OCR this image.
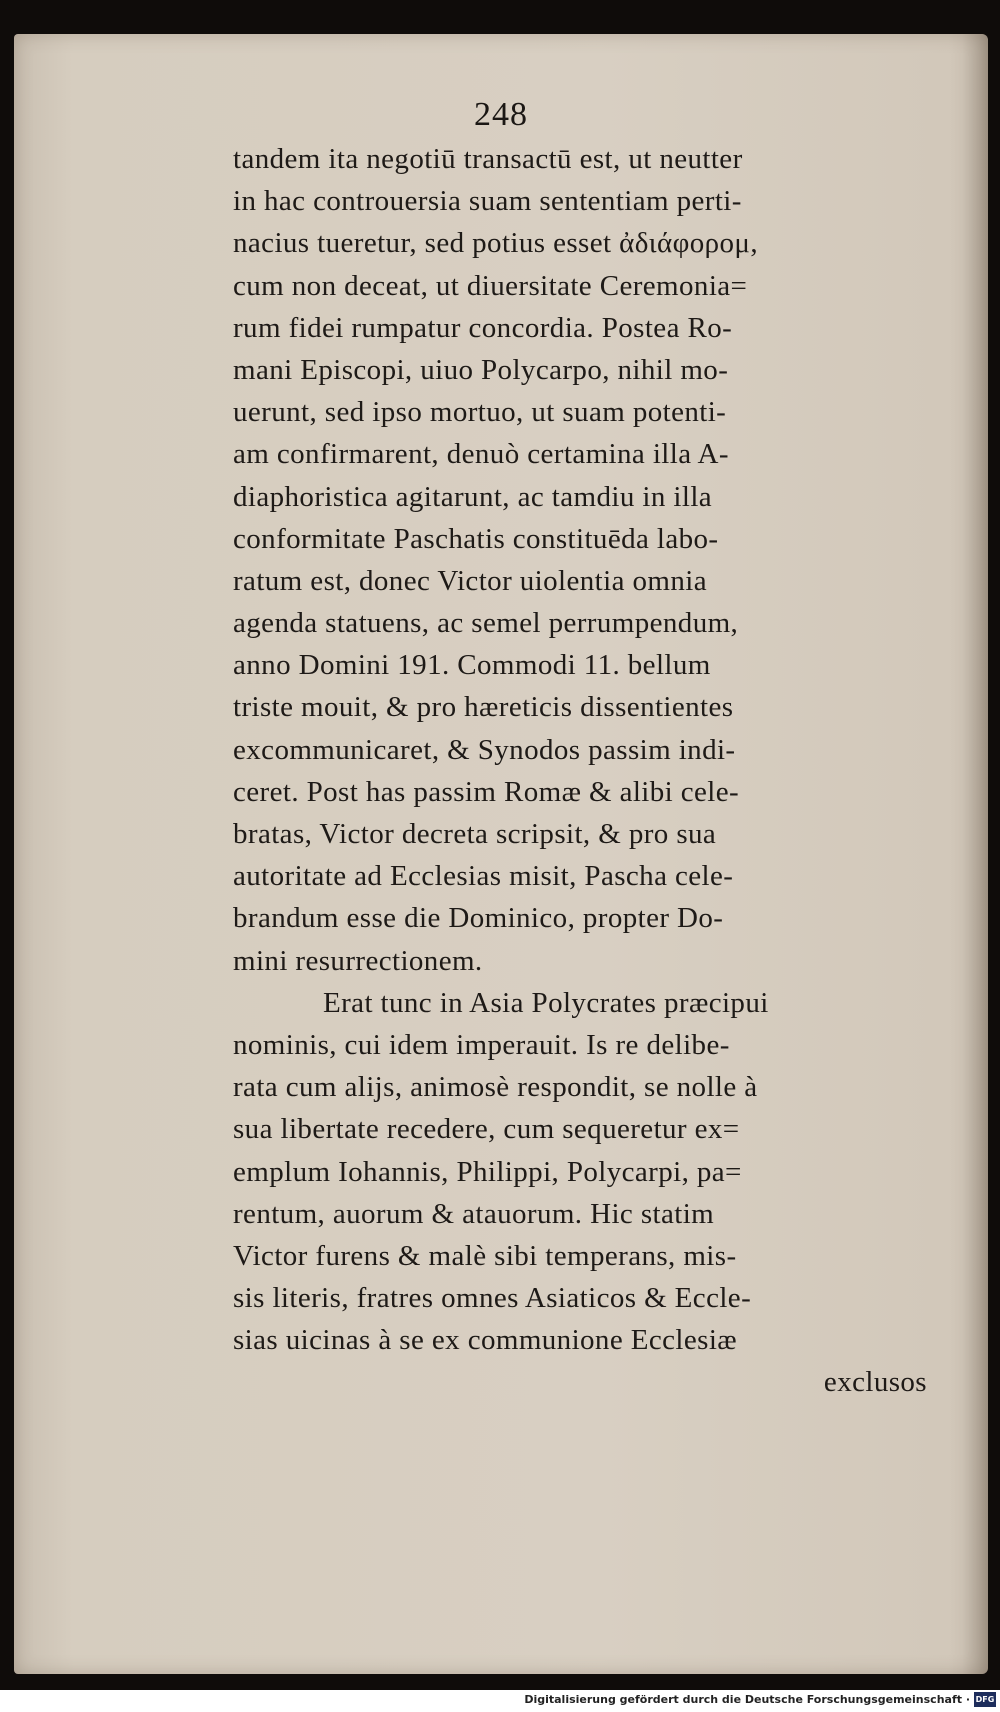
248
tandem ita negotiū transactū est, ut neutter
in hac controuersia suam sententiam perti-
nacius tueretur, sed potius esset ἀδιάφορομ,
cum non deceat, ut diuersitate Ceremonia=
rum fidei rumpatur concordia. Postea Ro-
mani Episcopi, uiuo Polycarpo, nihil mo-
uerunt, sed ipso mortuo, ut suam potenti-
am confirmarent, denuò certamina illa A-
diaphoristica agitarunt, ac tamdiu in illa
conformitate Paschatis constituēda labo-
ratum est, donec Victor uiolentia omnia
agenda statuens, ac semel perrumpendum,
anno Domini 191. Commodi 11. bellum
triste mouit, & pro hæreticis dissentientes
excommunicaret, & Synodos passim indi-
ceret. Post has passim Romæ & alibi cele-
bratas, Victor decreta scripsit, & pro sua
autoritate ad Ecclesias misit, Pascha cele-
brandum esse die Dominico, propter Do-
mini resurrectionem.
Erat tunc in Asia Polycrates præcipui
nominis, cui idem imperauit. Is re delibe-
rata cum alijs, animosè respondit, se nolle à
sua libertate recedere, cum sequeretur ex=
emplum Iohannis, Philippi, Polycarpi, pa=
rentum, auorum & atauorum. Hic statim
Victor furens & malè sibi temperans, mis-
sis literis, fratres omnes Asiaticos & Eccle-
sias uicinas à se ex communione Ecclesiæ
exclusos
Digitalisierung gefördert durch die Deutsche Forschungsgemeinschaft · DFG
